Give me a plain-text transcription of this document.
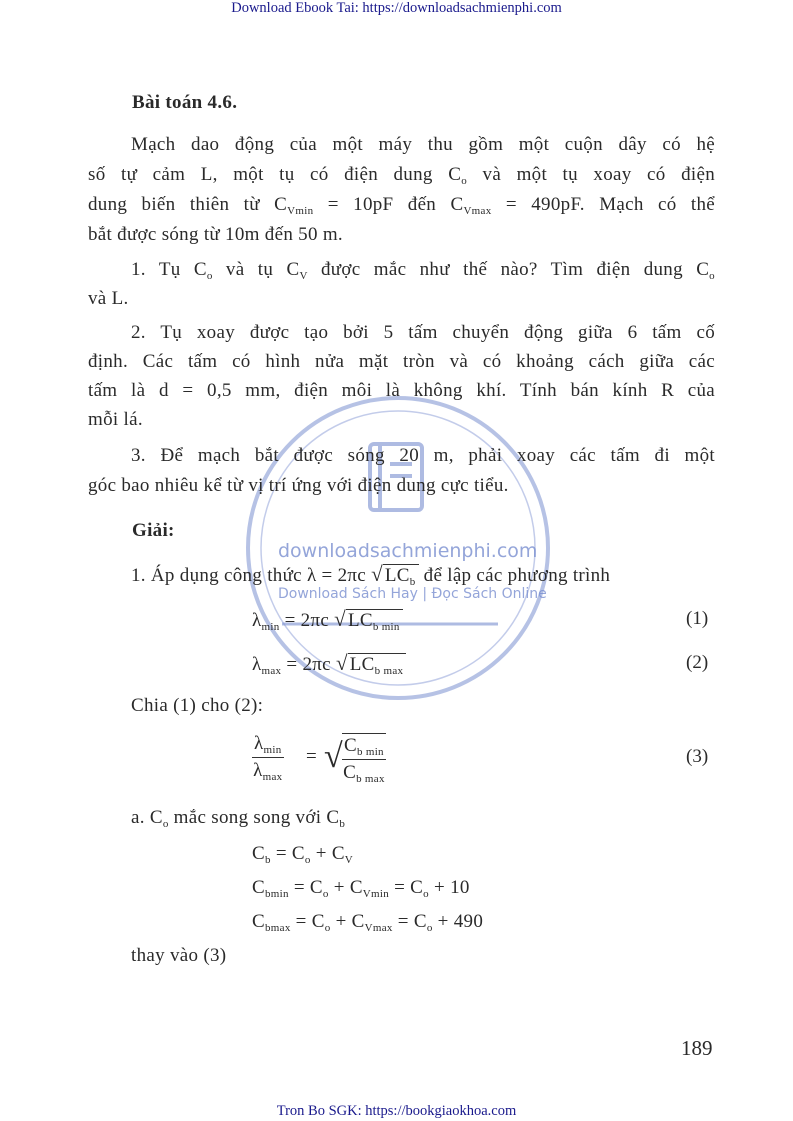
Download Ebook Tai: https://downloadsachmienphi.com
downloadsachmienphi.com
Download Sách Hay | Đọc Sách Online
Bài toán 4.6.
Mạch dao động của một máy thu gồm một cuộn dây có hệ
số tự cảm L, một tụ có điện dung $C_o$ và một tụ xoay có điện
dung biến thiên từ $C_{Vmin} = 10pF$ đến $C_{Vmax} = 490pF$. Mạch có thể
bắt được sóng từ 10m đến 50 m.
1. Tụ $C_o$ và tụ $C_V$ được mắc như thế nào? Tìm điện dung $C_o$
và L.
2. Tụ xoay được tạo bởi 5 tấm chuyển động giữa 6 tấm cố
định. Các tấm có hình nửa mặt tròn và có khoảng cách giữa các
tấm là d = 0,5 mm, điện môi là không khí. Tính bán kính R của
mỗi lá.
3. Để mạch bắt được sóng 20 m, phải xoay các tấm đi một
góc bao nhiêu kể từ vị trí ứng với điện dung cực tiểu.
Giải:
1. Áp dụng công thức λ = 2πc √ $LC_b$ để lập các phương trình
$\lambda_{min} = 2\pi c$ √ $LC_{b min}$	(1)
$\lambda_{max} = 2\pi c$ √ $LC_{b max}$	(2)
Chia (1) cho (2):
$\lambda_{min}$
$\lambda_{max}$
= √ $C_{b min}$
$C_{b max}$
(3)
a. $C_o$ mắc song song với $C_b$
$C_b = C_o + C_V$
$C_{bmin} = C_o + C_{Vmin} = C_o + 10$
$C_{bmax} = C_o + C_{Vmax} = C_o + 490$
thay vào (3)
189
Tron Bo SGK: https://bookgiaokhoa.com
